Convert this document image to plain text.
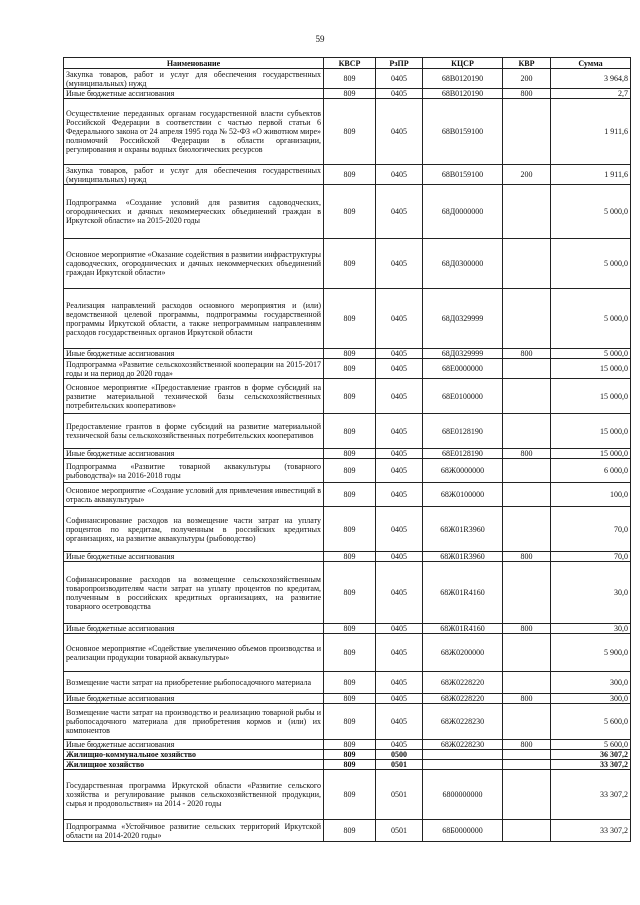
59
Наименование	КВСР	РзПР	КЦСР	КВР	Сумма
Закупка товаров, работ и услуг для обеспечения государственных (муниципальных) нужд	809	0405	68В0120190	200	3 964,8
Иные бюджетные ассигнования	809	0405	68В0120190	800	2,7
Осуществление переданных органам государственной власти субъектов Российской Федерации в соответствии с частью первой статьи 6 Федерального закона от 24 апреля 1995 года № 52-ФЗ «О животном мире» полномочий Российской Федерации в области организации, регулирования и охраны водных биологических ресурсов	809	0405	68В0159100		1 911,6
Закупка товаров, работ и услуг для обеспечения государственных (муниципальных) нужд	809	0405	68В0159100	200	1 911,6
Подпрограмма «Создание условий для развития садоводческих, огороднических и дачных некоммерческих объединений граждан в Иркутской области» на 2015-2020 годы	809	0405	68Д0000000		5 000,0
Основное мероприятие «Оказание содействия в развитии инфраструктуры садоводческих, огороднических и дачных некоммерческих объединений граждан Иркутской области»	809	0405	68Д0300000		5 000,0
Реализация направлений расходов основного мероприятия и (или) ведомственной целевой программы, подпрограммы государственной программы Иркутской области, а также непрограммным направлениям расходов государственных органов Иркутской области	809	0405	68Д0329999		5 000,0
Иные бюджетные ассигнования	809	0405	68Д0329999	800	5 000,0
Подпрограмма «Развитие сельскохозяйственной кооперации на 2015-2017 годы и на период до 2020 года»	809	0405	68Е0000000		15 000,0
Основное мероприятие «Предоставление грантов в форме субсидий на развитие материальной технической базы сельскохозяйственных потребительских кооперативов»	809	0405	68Е0100000		15 000,0
Предоставление грантов в форме субсидий на развитие материальной технической базы сельскохозяйственных потребительских кооперативов	809	0405	68Е0128190		15 000,0
Иные бюджетные ассигнования	809	0405	68Е0128190	800	15 000,0
Подпрограмма «Развитие товарной аквакультуры (товарного рыбоводства)» на 2016-2018 годы	809	0405	68Ж0000000		6 000,0
Основное мероприятие «Создание условий для привлечения инвестиций в отрасль аквакультуры»	809	0405	68Ж0100000		100,0
Софинансирование расходов на возмещение части затрат на уплату процентов по кредитам, полученным в российских кредитных организациях, на развитие аквакультуры (рыбоводство)	809	0405	68Ж01R3960		70,0
Иные бюджетные ассигнования	809	0405	68Ж01R3960	800	70,0
Софинансирование расходов на возмещение сельскохозяйственным товаропроизводителям части затрат на уплату процентов по кредитам, полученным в российских кредитных организациях, на развитие товарного осетроводства	809	0405	68Ж01R4160		30,0
Иные бюджетные ассигнования	809	0405	68Ж01R4160	800	30,0
Основное мероприятие «Содействие увеличению объемов производства и реализации продукции товарной аквакультуры»	809	0405	68Ж0200000		5 900,0
Возмещение части затрат на приобретение рыбопосадочного материала	809	0405	68Ж0228220		300,0
Иные бюджетные ассигнования	809	0405	68Ж0228220	800	300,0
Возмещение части затрат на производство и реализацию товарной рыбы и рыбопосадочного материала для приобретения кормов и (или) их компонентов	809	0405	68Ж0228230		5 600,0
Иные бюджетные ассигнования	809	0405	68Ж0228230	800	5 600,0
Жилищно-коммунальное хозяйство	809	0500			36 307,2
Жилищное хозяйство	809	0501			33 307,2
Государственная программа Иркутской области «Развитие сельского хозяйства и регулирование рынков сельскохозяйственной продукции, сырья и продовольствия» на 2014 - 2020 годы	809	0501	6800000000		33 307,2
Подпрограмма «Устойчивое развитие сельских территорий Иркутской области на 2014-2020 годы»	809	0501	68Б0000000		33 307,2
